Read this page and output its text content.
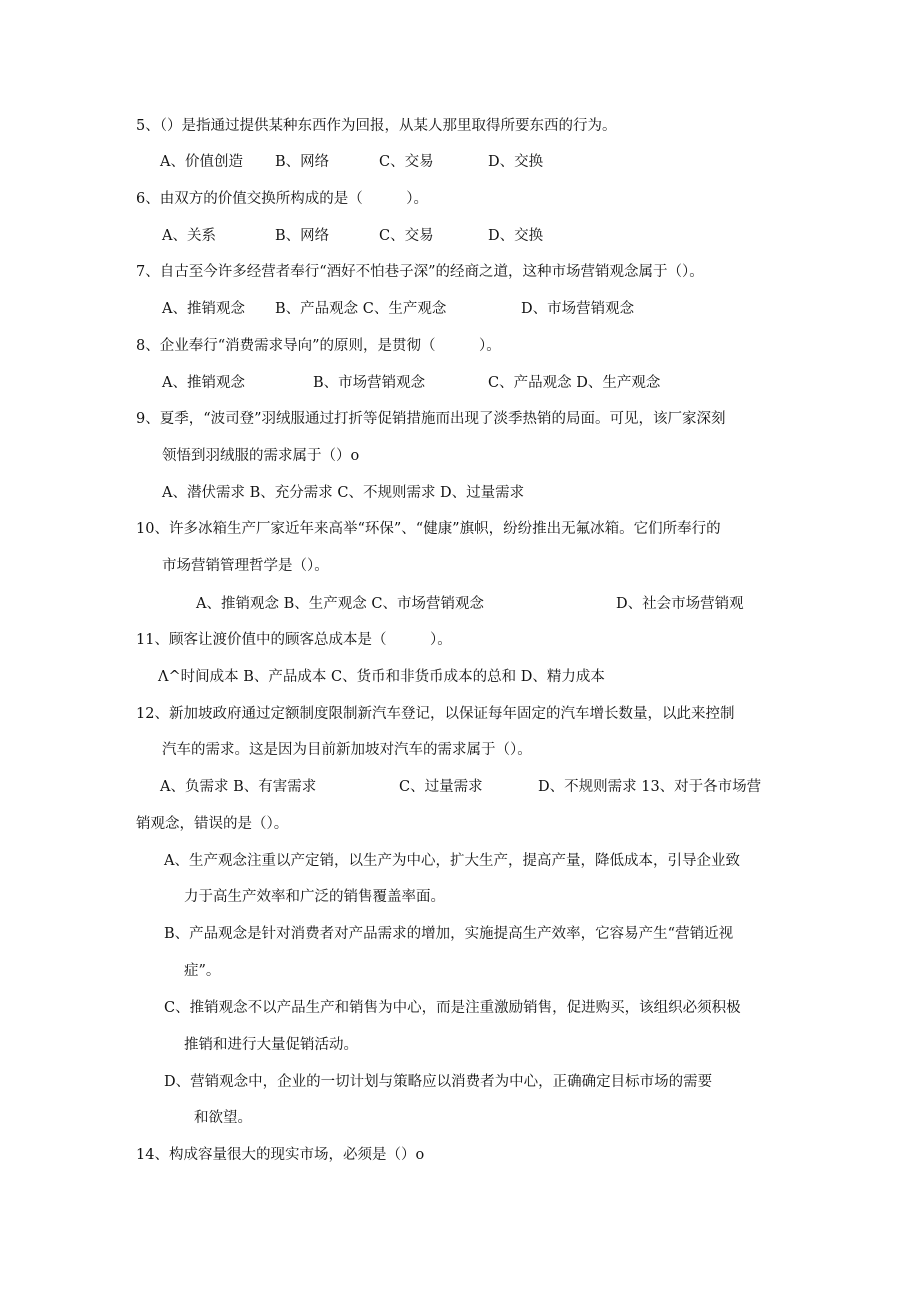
5、（）是指通过提供某种东西作为回报，从某人那里取得所要东西的行为。
A、价值创造 B、网络	C、交易	D、交换
6、由双方的价值交换所构成的是（　　　）。
A、关系	B、网络	C、交易	D、交换
7、自古至今许多经营者奉行“酒好不怕巷子深”的经商之道，这种市场营销观念属于（）。
A、推销观念 B、产品观念 C、生产观念	D、市场营销观念
8、企业奉行“消费需求导向”的原则，是贯彻（　　　）。
A、推销观念	B、市场营销观念	C、产品观念 D、生产观念
9、夏季，“波司登”羽绒服通过打折等促销措施而出现了淡季热销的局面。可见，该厂家深刻
领悟到羽绒服的需求属于（）o
A、潜伏需求 B、充分需求 C、不规则需求 D、过量需求
10、许多冰箱生产厂家近年来高举“环保”、“健康”旗帜，纷纷推出无氟冰箱。它们所奉行的
市场营销管理哲学是（）。
A、推销观念 B、生产观念 C、市场营销观念	D、社会市场营销观
11、顾客让渡价值中的顾客总成本是（　　　）。
Λ^时间成本 B、产品成本 C、货币和非货币成本的总和 D、精力成本
12、新加坡政府通过定额制度限制新汽车登记，以保证每年固定的汽车增长数量，以此来控制
汽车的需求。这是因为目前新加坡对汽车的需求属于（）。
A、负需求 B、有害需求	C、过量需求	D、不规则需求 13、对于各市场营
销观念，错误的是（）。
A、生产观念注重以产定销，以生产为中心，扩大生产，提高产量，降低成本，引导企业致
力于高生产效率和广泛的销售覆盖率面。
B、产品观念是针对消费者对产品需求的增加，实施提高生产效率，它容易产生“营销近视
症”。
C、推销观念不以产品生产和销售为中心，而是注重激励销售，促进购买，该组织必须积极
推销和进行大量促销活动。
D、营销观念中，企业的一切计划与策略应以消费者为中心，正确确定目标市场的需要
和欲望。
14、构成容量很大的现实市场，必须是（）o
